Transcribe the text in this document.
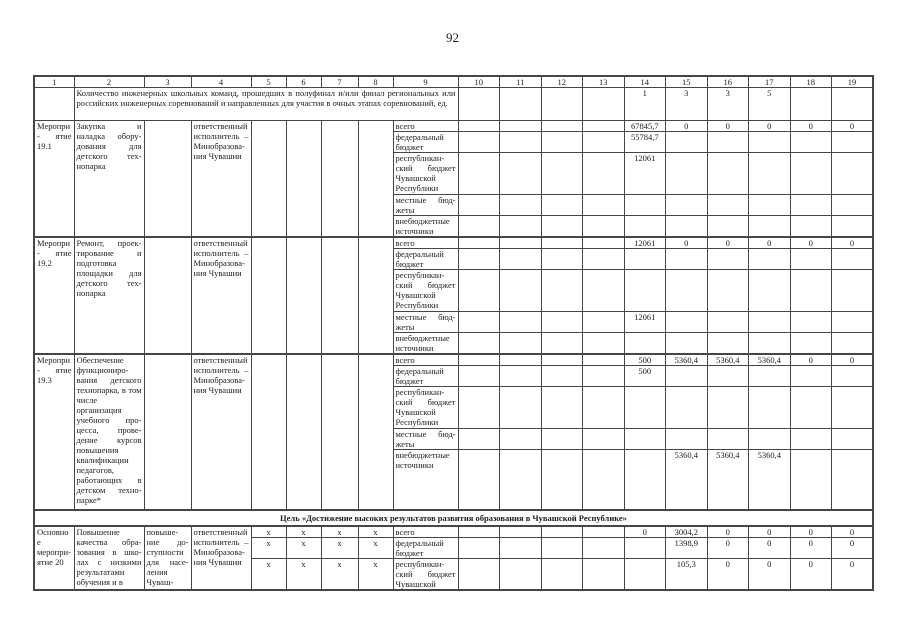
92
1	2	3	4	5	6	7	8	9	10	11	12	13	14	15	16	17	18	19
	Количество инженерных школьных команд, прошедших в полуфинал и/или финал региональных или российских инженерных соревнований и направленных для участия в очных этапах соревнований, ед.												1	3	3	5		
Меропри- ятие 19.1	Закупка и наладка обору- дования для детского тех- нопарка		ответственный исполнитель – Минобразова- ния Чувашии					всего					67845,7	0	0	0	0	0
								федеральный бюджет					55784,7					
								республикан- ский бюджет Чувашской Республики					12061					
								местные бюд- жеты										
								внебюджетные источники										
Меропри- ятие 19.2	Ремонт, проек- тирование и подготовка площадки для детского тех- нопарка		ответственный исполнитель – Минобразова- ния Чувашии					всего					12061	0	0	0	0	0
								федеральный бюджет										
								республикан- ский бюджет Чувашской Республики										
								местные бюд- жеты					12061					
								внебюджетные источники										
Меропри- ятие 19.3	Обеспечение функциониро- вания детского технопарка, в том числе организация учебного про- цесса, прове- дение курсов повышения квалификации педагогов, работающих в детском техно- парке*		ответственный исполнитель – Минобразова- ния Чувашии					всего					500	5360,4	5360,4	5360,4	0	0
								федеральный бюджет					500					
								республикан- ский бюджет Чувашской Республики										
								местные бюд- жеты										
								внебюджетные источники						5360,4	5360,4	5360,4		
Цель «Достижение высоких результатов развития образования в Чувашской Республике»																		
Основное меропри- ятие 20	Повышение качества обра- зования в шко- лах с низкими результатами обучения и в	повыше- ние до- ступности для насе- ления Чуваш-	ответственный исполнитель – Минобразова- ния Чувашии	х	х	х	х	всего					0	3004,2	0	0	0	0
				х	х	х	х	федеральный бюджет						1398,9	0	0	0	0
				х	х	х	х	республикан- ский бюджет Чувашской						105,3	0	0	0	0
